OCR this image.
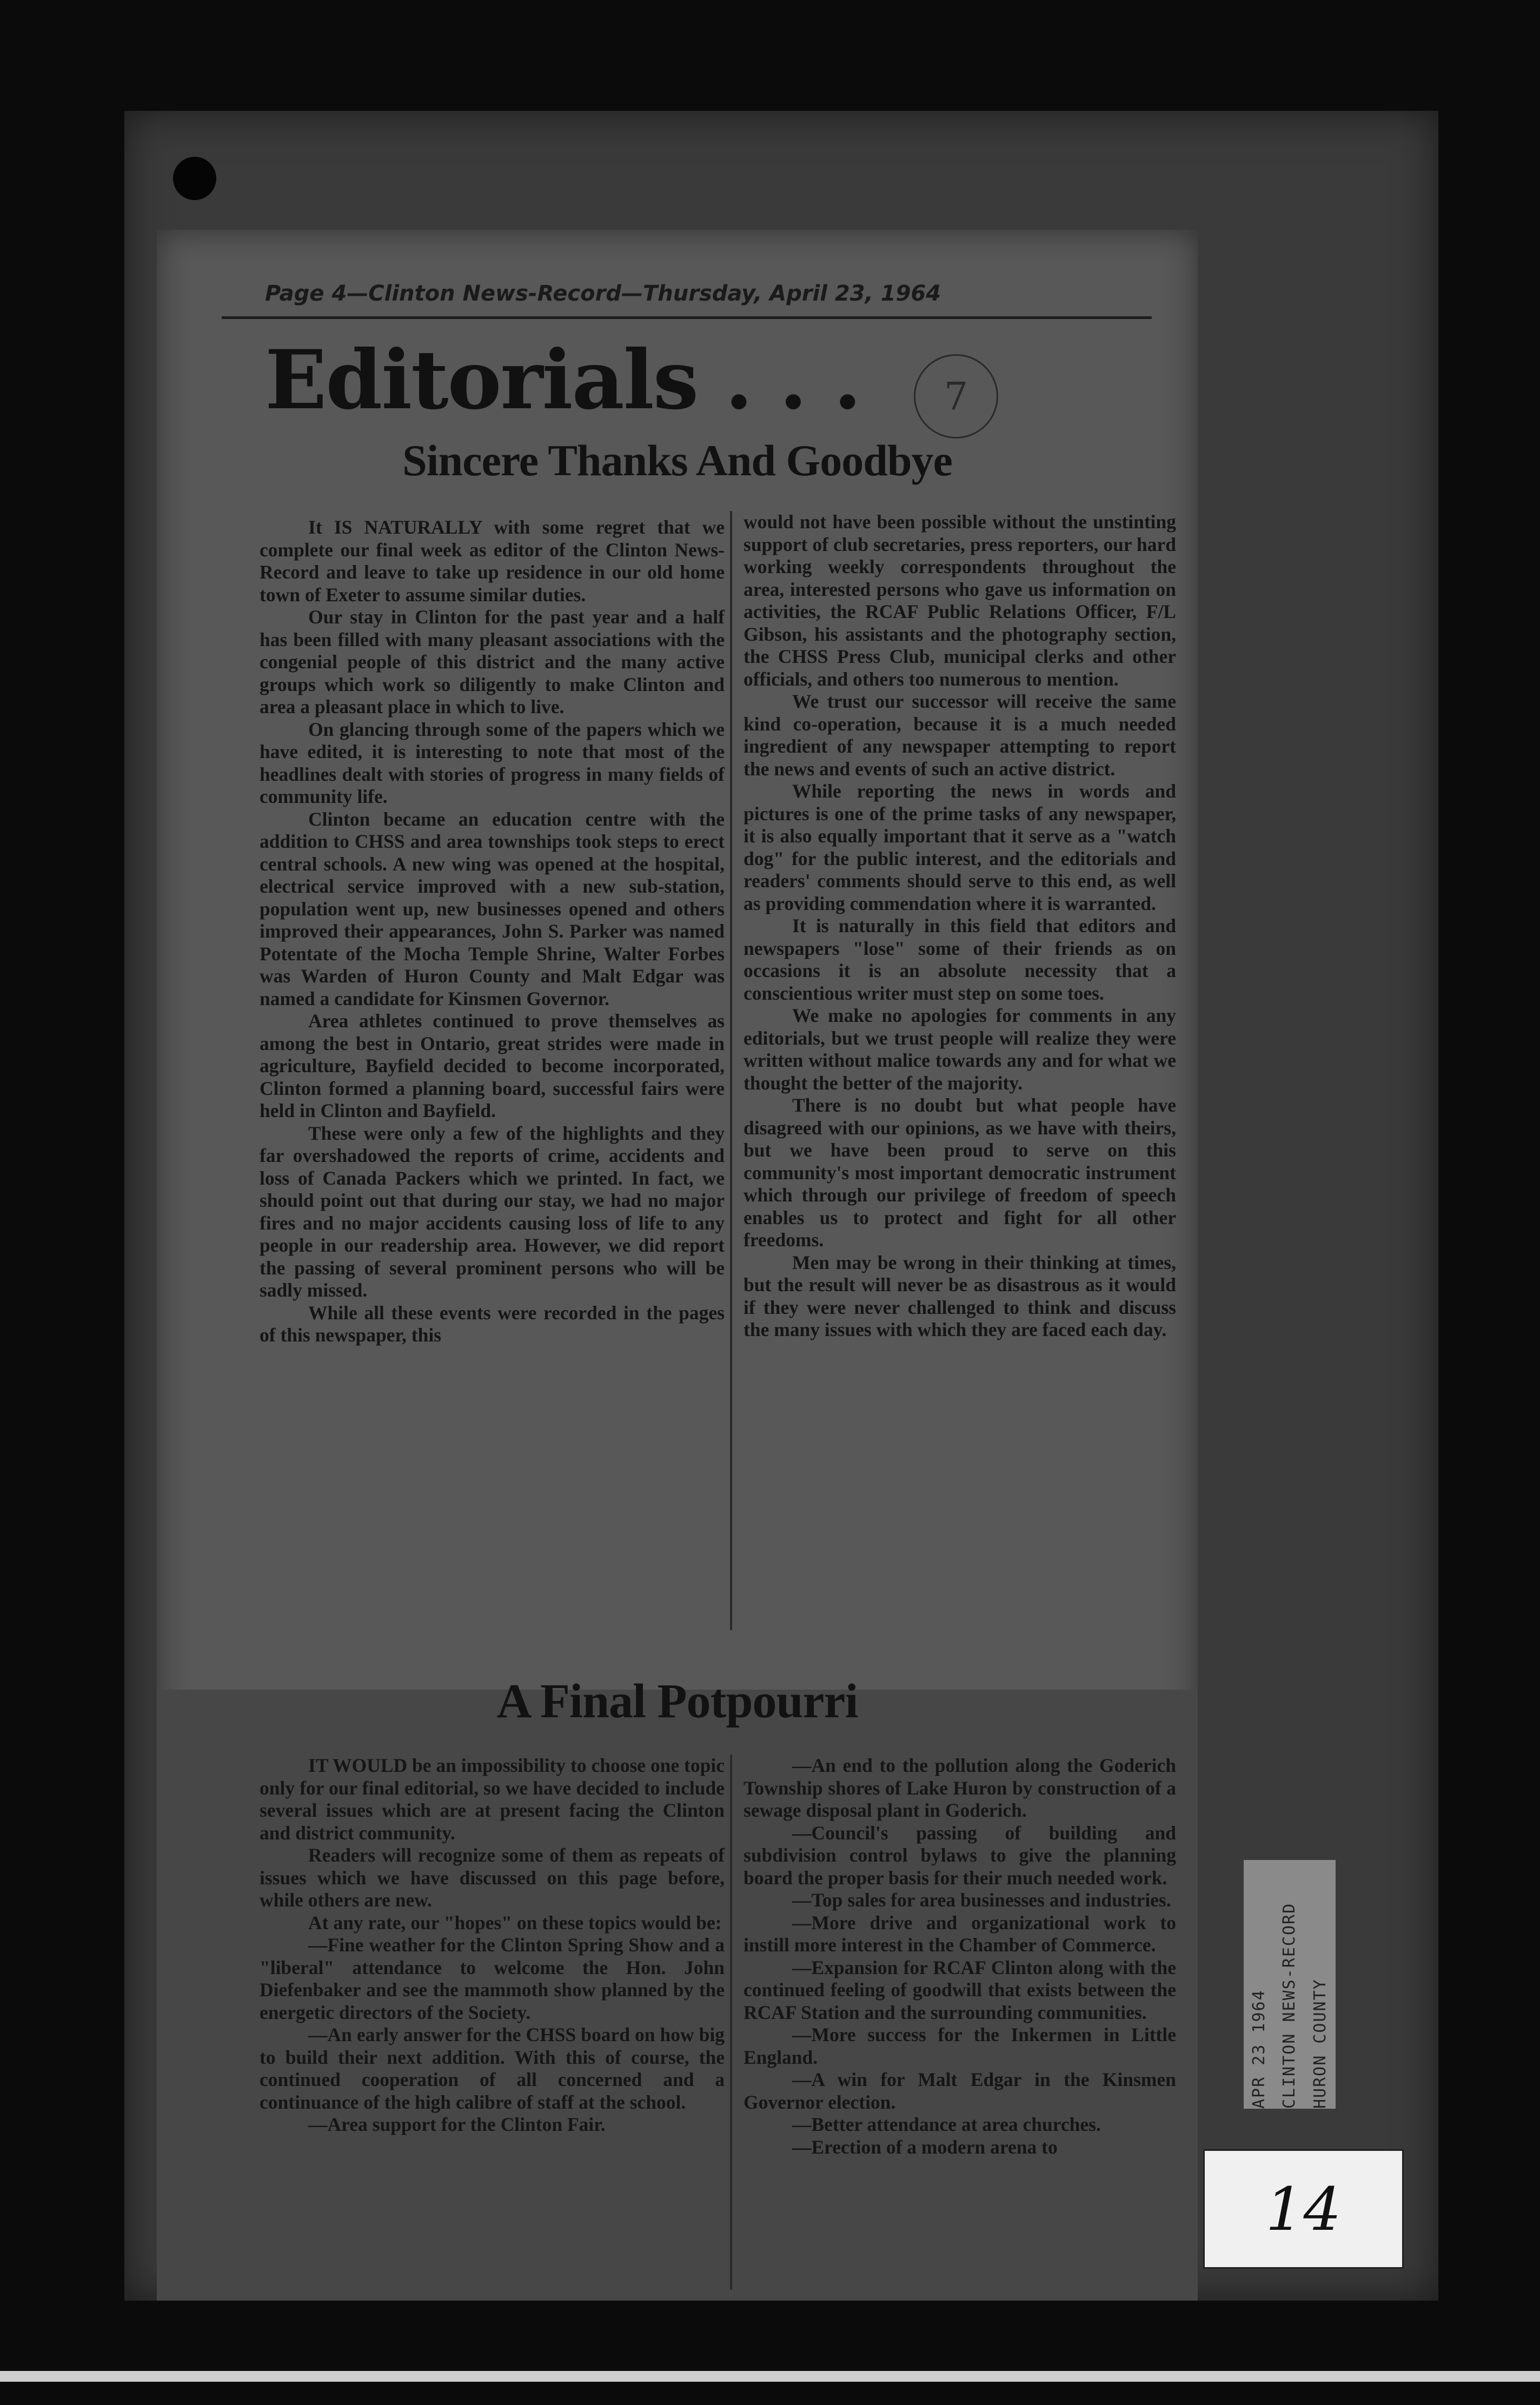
Page 4—Clinton News-Record—Thursday, April 23, 1964
Editorials . . .	7
Sincere Thanks And Goodbye

It IS NATURALLY with some regret that we complete our final week as editor of the Clinton News-Record and leave to take up residence in our old home town of Exeter to assume similar duties.

Our stay in Clinton for the past year and a half has been filled with many pleasant associations with the congenial people of this district and the many active groups which work so diligently to make Clinton and area a pleasant place in which to live.

On glancing through some of the papers which we have edited, it is interesting to note that most of the headlines dealt with stories of progress in many fields of community life.

Clinton became an education centre with the addition to CHSS and area townships took steps to erect central schools. A new wing was opened at the hospital, electrical service improved with a new sub-station, population went up, new businesses opened and others improved their appearances, John S. Parker was named Potentate of the Mocha Temple Shrine, Walter Forbes was Warden of Huron County and Malt Edgar was named a candidate for Kinsmen Governor.

Area athletes continued to prove themselves as among the best in Ontario, great strides were made in agriculture, Bayfield decided to become incorporated, Clinton formed a planning board, successful fairs were held in Clinton and Bayfield.

These were only a few of the highlights and they far overshadowed the reports of crime, accidents and loss of Canada Packers which we printed. In fact, we should point out that during our stay, we had no major fires and no major accidents causing loss of life to any people in our readership area. However, we did report the passing of several prominent persons who will be sadly missed.

While all these events were recorded in the pages of this newspaper, this

would not have been possible without the unstinting support of club secretaries, press reporters, our hard working weekly correspondents throughout the area, interested persons who gave us information on activities, the RCAF Public Relations Officer, F/L Gibson, his assistants and the photography section, the CHSS Press Club, municipal clerks and other officials, and others too numerous to mention.

We trust our successor will receive the same kind co-operation, because it is a much needed ingredient of any newspaper attempting to report the news and events of such an active district.

While reporting the news in words and pictures is one of the prime tasks of any newspaper, it is also equally important that it serve as a "watch dog" for the public interest, and the editorials and readers' comments should serve to this end, as well as providing commendation where it is warranted.

It is naturally in this field that editors and newspapers "lose" some of their friends as on occasions it is an absolute necessity that a conscientious writer must step on some toes.

We make no apologies for comments in any editorials, but we trust people will realize they were written without malice towards any and for what we thought the better of the majority.

There is no doubt but what people have disagreed with our opinions, as we have with theirs, but we have been proud to serve on this community's most important democratic instrument which through our privilege of freedom of speech enables us to protect and fight for all other freedoms.

Men may be wrong in their thinking at times, but the result will never be as disastrous as it would if they were never challenged to think and discuss the many issues with which they are faced each day.

A Final Potpourri

IT WOULD be an impossibility to choose one topic only for our final editorial, so we have decided to include several issues which are at present facing the Clinton and district community.

Readers will recognize some of them as repeats of issues which we have discussed on this page before, while others are new.

At any rate, our "hopes" on these topics would be:

—Fine weather for the Clinton Spring Show and a "liberal" attendance to welcome the Hon. John Diefenbaker and see the mammoth show planned by the energetic directors of the Society.

—An early answer for the CHSS board on how big to build their next addition. With this of course, the continued cooperation of all concerned and a continuance of the high calibre of staff at the school.

—Area support for the Clinton Fair.

—An end to the pollution along the Goderich Township shores of Lake Huron by construction of a sewage disposal plant in Goderich.

—Council's passing of building and subdivision control bylaws to give the planning board the proper basis for their much needed work.

—Top sales for area businesses and industries.

—More drive and organizational work to instill more interest in the Chamber of Commerce.

—Expansion for RCAF Clinton along with the continued feeling of goodwill that exists between the RCAF Station and the surrounding communities.

—More success for the Inkermen in Little England.

—A win for Malt Edgar in the Kinsmen Governor election.

—Better attendance at area churches.

—Erection of a modern arena to

APR 23 1964 CLINTON NEWS-RECORD HURON COUNTY
14
